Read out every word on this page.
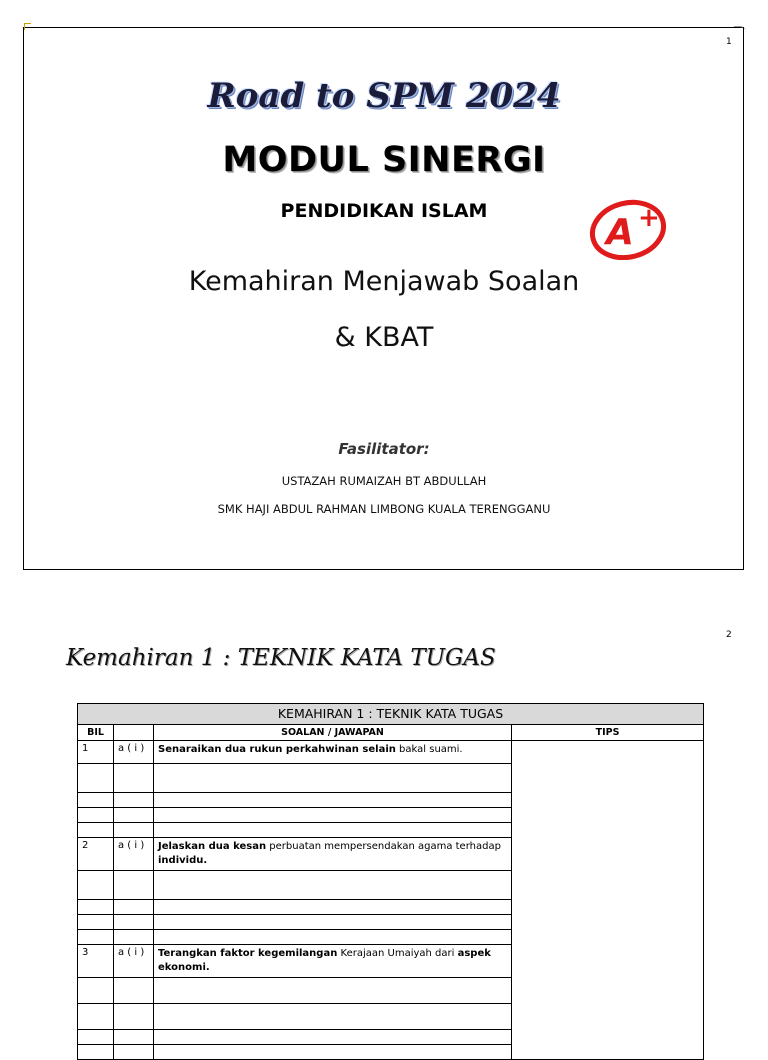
1
Road to SPM 2024
MODUL SINERGI
PENDIDIKAN ISLAM
A +
Kemahiran Menjawab Soalan
& KBAT
Fasilitator:
USTAZAH RUMAIZAH BT ABDULLAH
SMK HAJI ABDUL RAHMAN LIMBONG KUALA TERENGGANU
2
Kemahiran 1 : TEKNIK KATA TUGAS
KEMAHIRAN 1 : TEKNIK KATA TUGAS			
BIL		SOALAN / JAWAPAN	TIPS
1	a ( i )	Senaraikan dua rukun perkahwinan selain bakal suami.	

2	a ( i )	Jelaskan dua kesan perbuatan mempersendakan agama terhadap individu.	

3	a ( i )	Terangkan faktor kegemilangan Kerajaan Umaiyah dari aspek ekonomi.	
